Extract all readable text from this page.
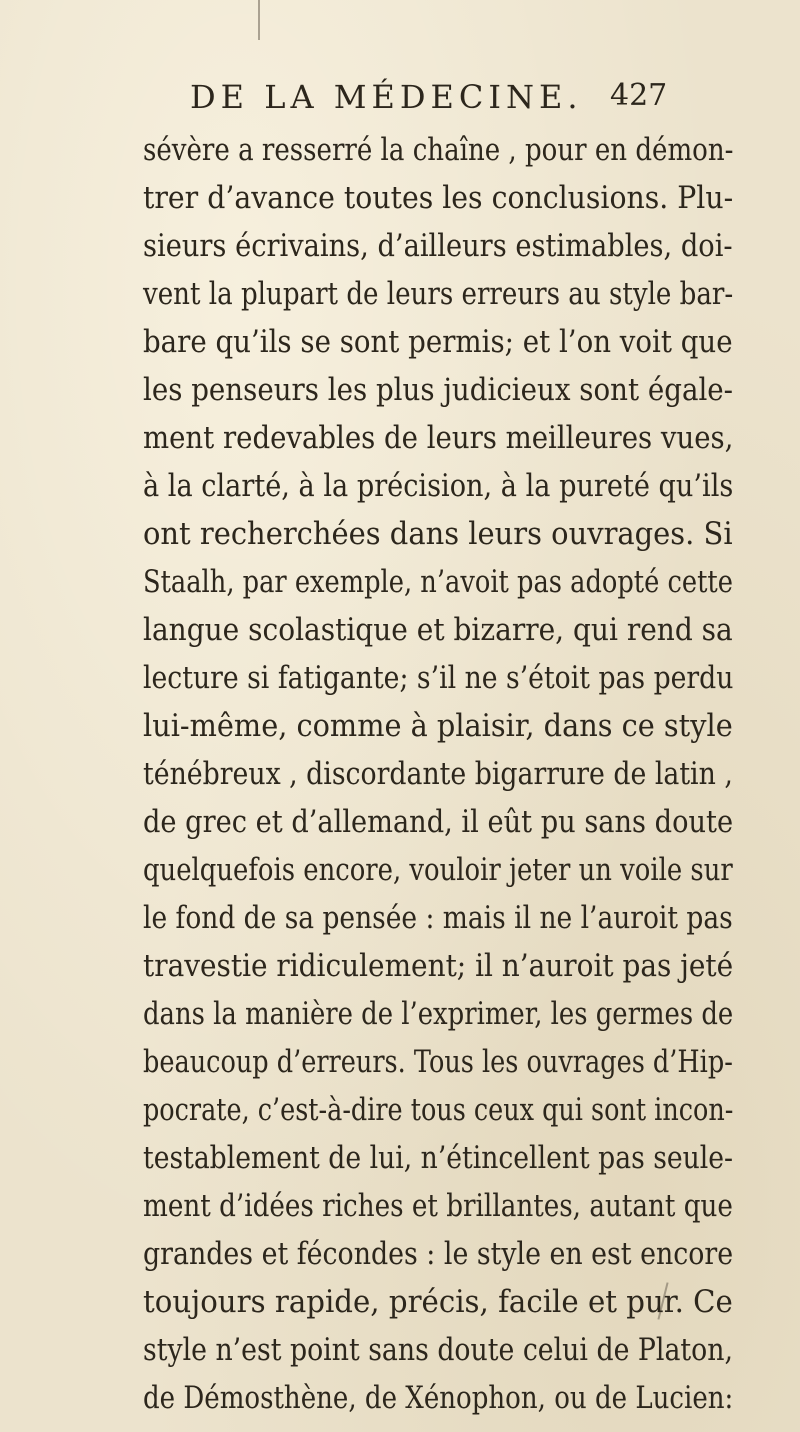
DE LA MÉDECINE. 427
sévère a resserré la chaîne , pour en démon-
trer d’avance toutes les conclusions. Plu-
sieurs écrivains, d’ailleurs estimables, doi-
vent la plupart de leurs erreurs au style bar-
bare qu’ils se sont permis; et l’on voit que
les penseurs les plus judicieux sont égale-
ment redevables de leurs meilleures vues,
à la clarté, à la précision, à la pureté qu’ils
ont recherchées dans leurs ouvrages. Si
Staalh, par exemple, n’avoit pas adopté cette
langue scolastique et bizarre, qui rend sa
lecture si fatigante; s’il ne s’étoit pas perdu
lui-même, comme à plaisir, dans ce style
ténébreux , discordante bigarrure de latin ,
de grec et d’allemand, il eût pu sans doute
quelquefois encore, vouloir jeter un voile sur
le fond de sa pensée : mais il ne l’auroit pas
travestie ridiculement; il n’auroit pas jeté
dans la manière de l’exprimer, les germes de
beaucoup d’erreurs. Tous les ouvrages d’Hip-
pocrate, c’est-à-dire tous ceux qui sont incon-
testablement de lui, n’étincellent pas seule-
ment d’idées riches et brillantes, autant que
grandes et fécondes : le style en est encore
toujours rapide, précis, facile et pur. Ce
style n’est point sans doute celui de Platon,
de Démosthène, de Xénophon, ou de Lucien:
